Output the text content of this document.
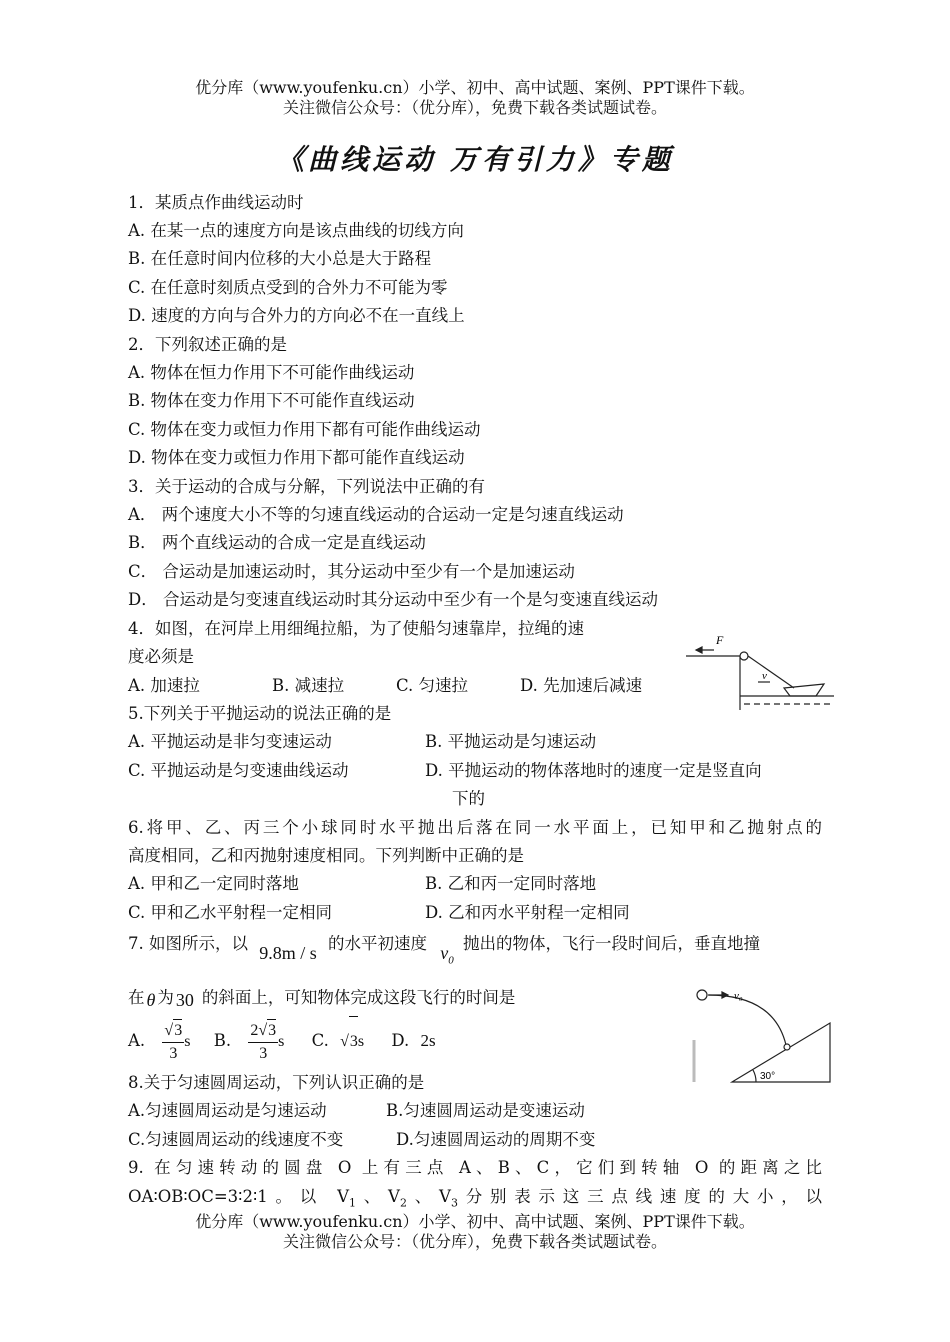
优分库（www.youfenku.cn）小学、初中、高中试题、案例、PPT课件下载。
关注微信公众号：（优分库），免费下载各类试题试卷。
《曲线运动 万有引力》专题
1．某质点作曲线运动时
A. 在某一点的速度方向是该点曲线的切线方向
B. 在任意时间内位移的大小总是大于路程
C. 在任意时刻质点受到的合外力不可能为零
D. 速度的方向与合外力的方向必不在一直线上
2．下列叙述正确的是
A. 物体在恒力作用下不可能作曲线运动
B. 物体在变力作用下不可能作直线运动
C. 物体在变力或恒力作用下都有可能作曲线运动
D. 物体在变力或恒力作用下都可能作直线运动
3．关于运动的合成与分解，下列说法中正确的有
A． 两个速度大小不等的匀速直线运动的合运动一定是匀速直线运动
B． 两个直线运动的合成一定是直线运动
C． 合运动是加速运动时，其分运动中至少有一个是加速运动
D． 合运动是匀变速直线运动时其分运动中至少有一个是匀变速直线运动
4．如图，在河岸上用细绳拉船，为了使船匀速靠岸，拉绳的速
度必须是
A. 加速拉	B. 减速拉	C. 匀速拉	D. 先加速后减速
F
v
5.下列关于平抛运动的说法正确的是
A. 平抛运动是非匀变速运动	B. 平抛运动是匀速运动
C. 平抛运动是匀变速曲线运动	D. 平抛运动的物体落地时的速度一定是竖直向
下的
6.将甲、乙、丙三个小球同时水平抛出后落在同一水平面上，已知甲和乙抛射点的
高度相同，乙和丙抛射速度相同。下列判断中正确的是
A. 甲和乙一定同时落地	B. 乙和丙一定同时落地
C. 甲和乙水平射程一定相同	D. 乙和丙水平射程一定相同
7. 如图所示，以 9.8m / s 的水平初速度 $v_0$ 抛出的物体，飞行一段时间后，垂直地撞
在 θ 为 30 的斜面上，可知物体完成这段飞行的时间是
A. $\frac{√3}{3}$ s B. $\frac{2√3}{3}$ s C. √3s D. 2s
v₀
30°
8.关于匀速圆周运动，下列认识正确的是
A.匀速圆周运动是匀速运动	B.匀速圆周运动是变速运动
C.匀速圆周运动的线速度不变	D.匀速圆周运动的周期不变
9. 在匀速转动的圆盘 O 上有三点 A、B、C，它们到转轴 O 的距离之比
OA∶OB∶OC=3∶2∶1。以 $V_1$、$V_2$、$V_3$分别表示这三点线速度的大小，以
优分库（www.youfenku.cn）小学、初中、高中试题、案例、PPT课件下载。
关注微信公众号：（优分库），免费下载各类试题试卷。
